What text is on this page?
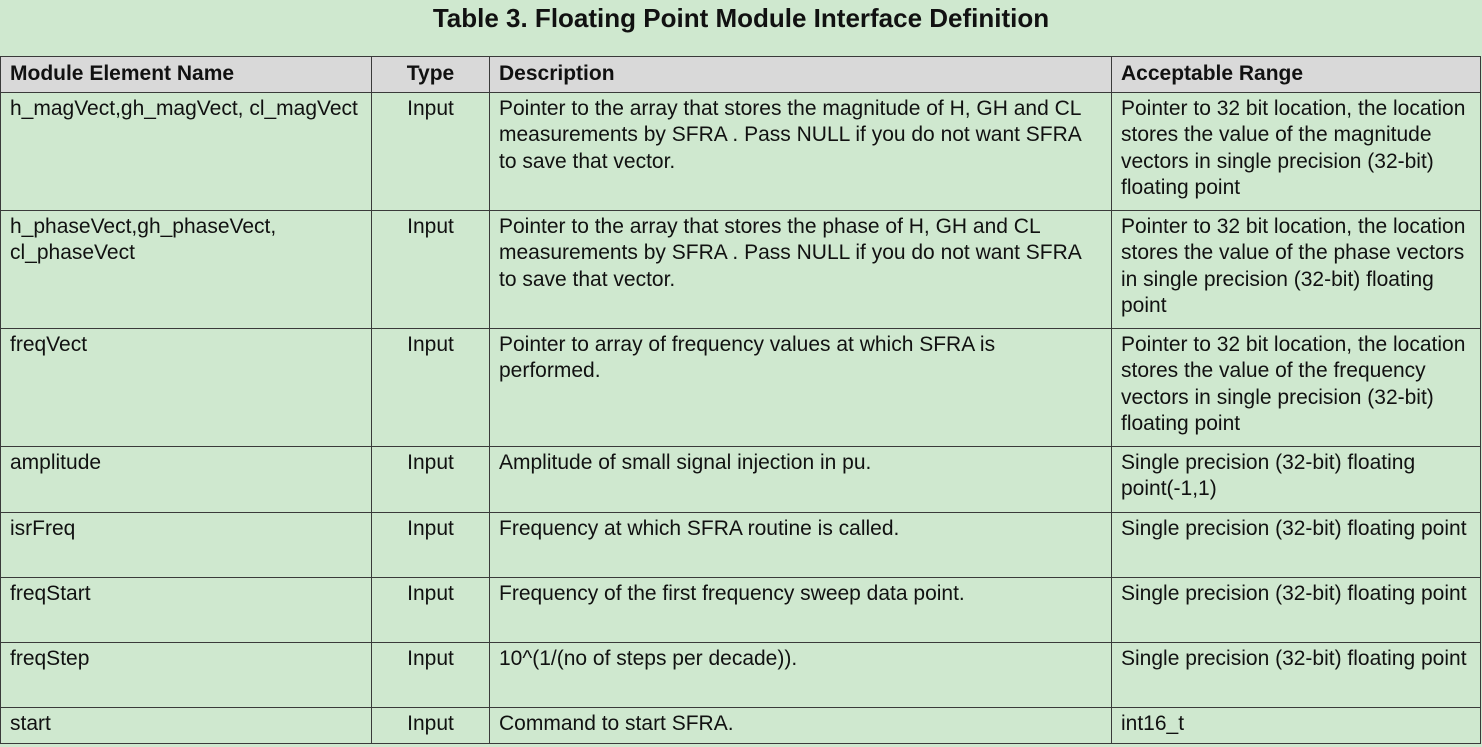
Table 3. Floating Point Module Interface Definition
Module Element Name	Type	Description	Acceptable Range
h_magVect,gh_magVect, cl_magVect	Input	Pointer to the array that stores the magnitude of H, GH and CL measurements by SFRA . Pass NULL if you do not want SFRA to save that vector.	Pointer to 32 bit location, the location stores the value of the magnitude vectors in single precision (32-bit) floating point
h_phaseVect,gh_phaseVect, cl_phaseVect	Input	Pointer to the array that stores the phase of H, GH and CL measurements by SFRA . Pass NULL if you do not want SFRA to save that vector.	Pointer to 32 bit location, the location stores the value of the phase vectors in single precision (32-bit) floating point
freqVect	Input	Pointer to array of frequency values at which SFRA is performed.	Pointer to 32 bit location, the location stores the value of the frequency vectors in single precision (32-bit) floating point
amplitude	Input	Amplitude of small signal injection in pu.	Single precision (32-bit) floating point(-1,1)
isrFreq	Input	Frequency at which SFRA routine is called.	Single precision (32-bit) floating point
freqStart	Input	Frequency of the first frequency sweep data point.	Single precision (32-bit) floating point
freqStep	Input	10^(1/(no of steps per decade)).	Single precision (32-bit) floating point
start	Input	Command to start SFRA.	int16_t
